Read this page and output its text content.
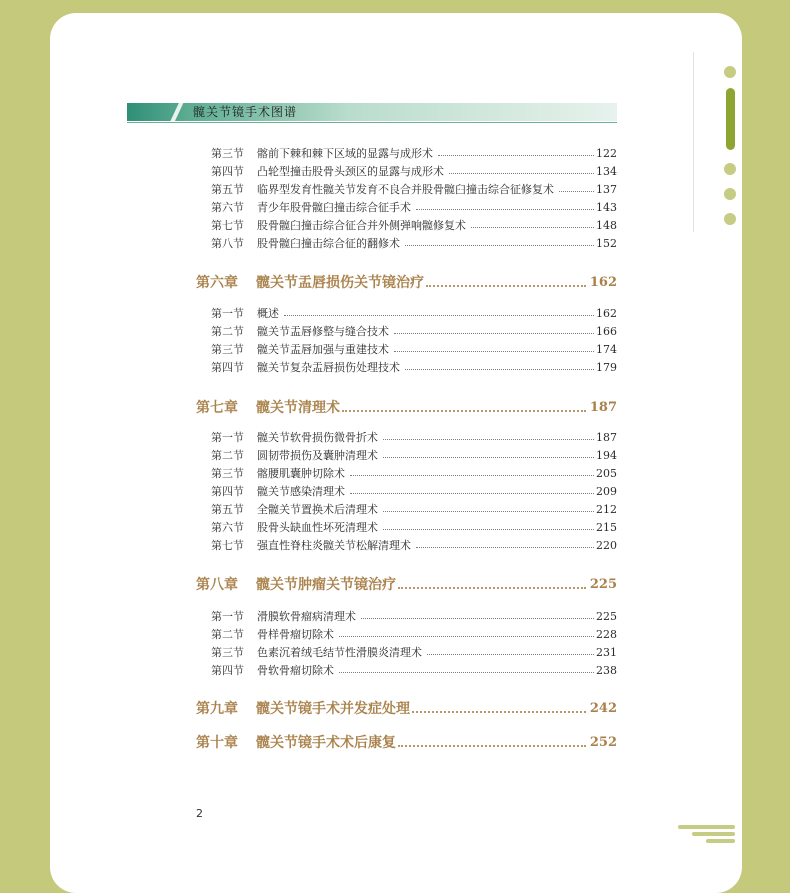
髋关节镜手术图谱
第三节	髂前下棘和棘下区域的显露与成形术	122
第四节	凸轮型撞击股骨头颈区的显露与成形术	134
第五节	临界型发育性髋关节发育不良合并股骨髋臼撞击综合征修复术	137
第六节	青少年股骨髋臼撞击综合征手术	143
第七节	股骨髋臼撞击综合征合并外侧弹响髋修复术	148
第八节	股骨髋臼撞击综合征的翻修术	152
第六章	髋关节盂唇损伤关节镜治疗	162
第一节	概述	162
第二节	髋关节盂唇修整与缝合技术	166
第三节	髋关节盂唇加强与重建技术	174
第四节	髋关节复杂盂唇损伤处理技术	179
第七章	髋关节清理术	187
第一节	髋关节软骨损伤微骨折术	187
第二节	圆韧带损伤及囊肿清理术	194
第三节	髂腰肌囊肿切除术	205
第四节	髋关节感染清理术	209
第五节	全髋关节置换术后清理术	212
第六节	股骨头缺血性坏死清理术	215
第七节	强直性脊柱炎髋关节松解清理术	220
第八章	髋关节肿瘤关节镜治疗	225
第一节	滑膜软骨瘤病清理术	225
第二节	骨样骨瘤切除术	228
第三节	色素沉着绒毛结节性滑膜炎清理术	231
第四节	骨软骨瘤切除术	238
第九章	髋关节镜手术并发症处理	242
第十章	髋关节镜手术术后康复	252
2
